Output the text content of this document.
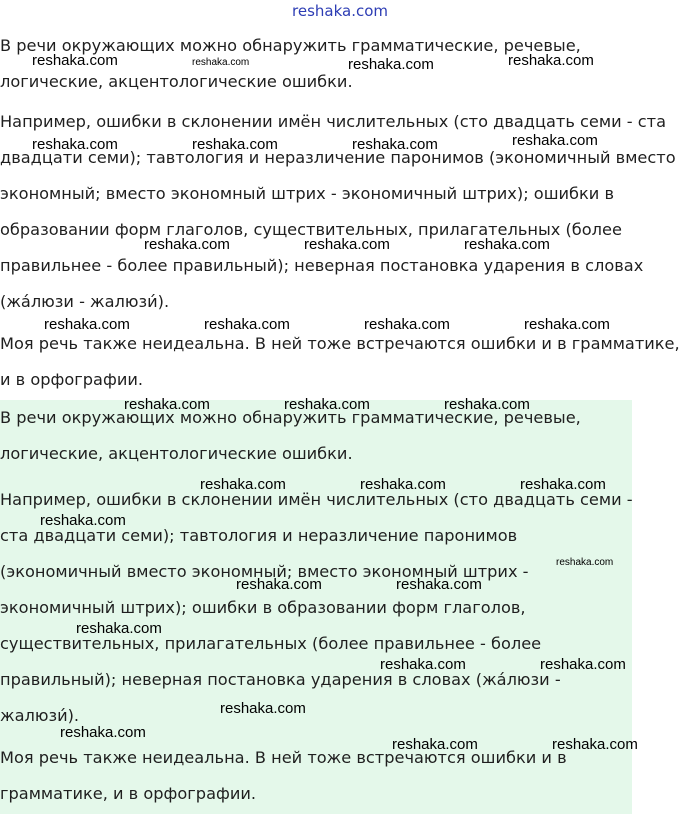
reshaka.com

В речи окружающих можно обнаружить грамматические, речевые,
логические, акцентологические ошибки.

Например, ошибки в склонении имён числительных (сто двадцать семи - ста
двадцати семи); тавтология и неразличение паронимов (экономичный вместо
экономный; вместо экономный штрих - экономичный штрих); ошибки в
образовании форм глаголов, существительных, прилагательных (более
правильнее - более правильный); неверная постановка ударения в словах
(жа́люзи - жалюзи́).

Моя речь также неидеальна. В ней тоже встречаются ошибки и в грамматике,
и в орфографии.

В речи окружающих можно обнаружить грамматические, речевые,
логические, акцентологические ошибки.

Например, ошибки в склонении имён числительных (сто двадцать семи -
ста двадцати семи); тавтология и неразличение паронимов
(экономичный вместо экономный; вместо экономный штрих -
экономичный штрих); ошибки в образовании форм глаголов,
существительных, прилагательных (более правильнее - более
правильный); неверная постановка ударения в словах (жа́люзи -
жалюзи́).

Моя речь также неидеальна. В ней тоже встречаются ошибки и в
грамматике, и в орфографии.

reshaka.com	reshaka.com	reshaka.com	reshaka.com
reshaka.com	reshaka.com	reshaka.com	reshaka.com
reshaka.com	reshaka.com	reshaka.com
reshaka.com	reshaka.com	reshaka.com	reshaka.com
reshaka.com	reshaka.com	reshaka.com
reshaka.com	reshaka.com	reshaka.com
reshaka.com
reshaka.com
reshaka.com	reshaka.com
reshaka.com
reshaka.com	reshaka.com
reshaka.com
reshaka.com
reshaka.com	reshaka.com
